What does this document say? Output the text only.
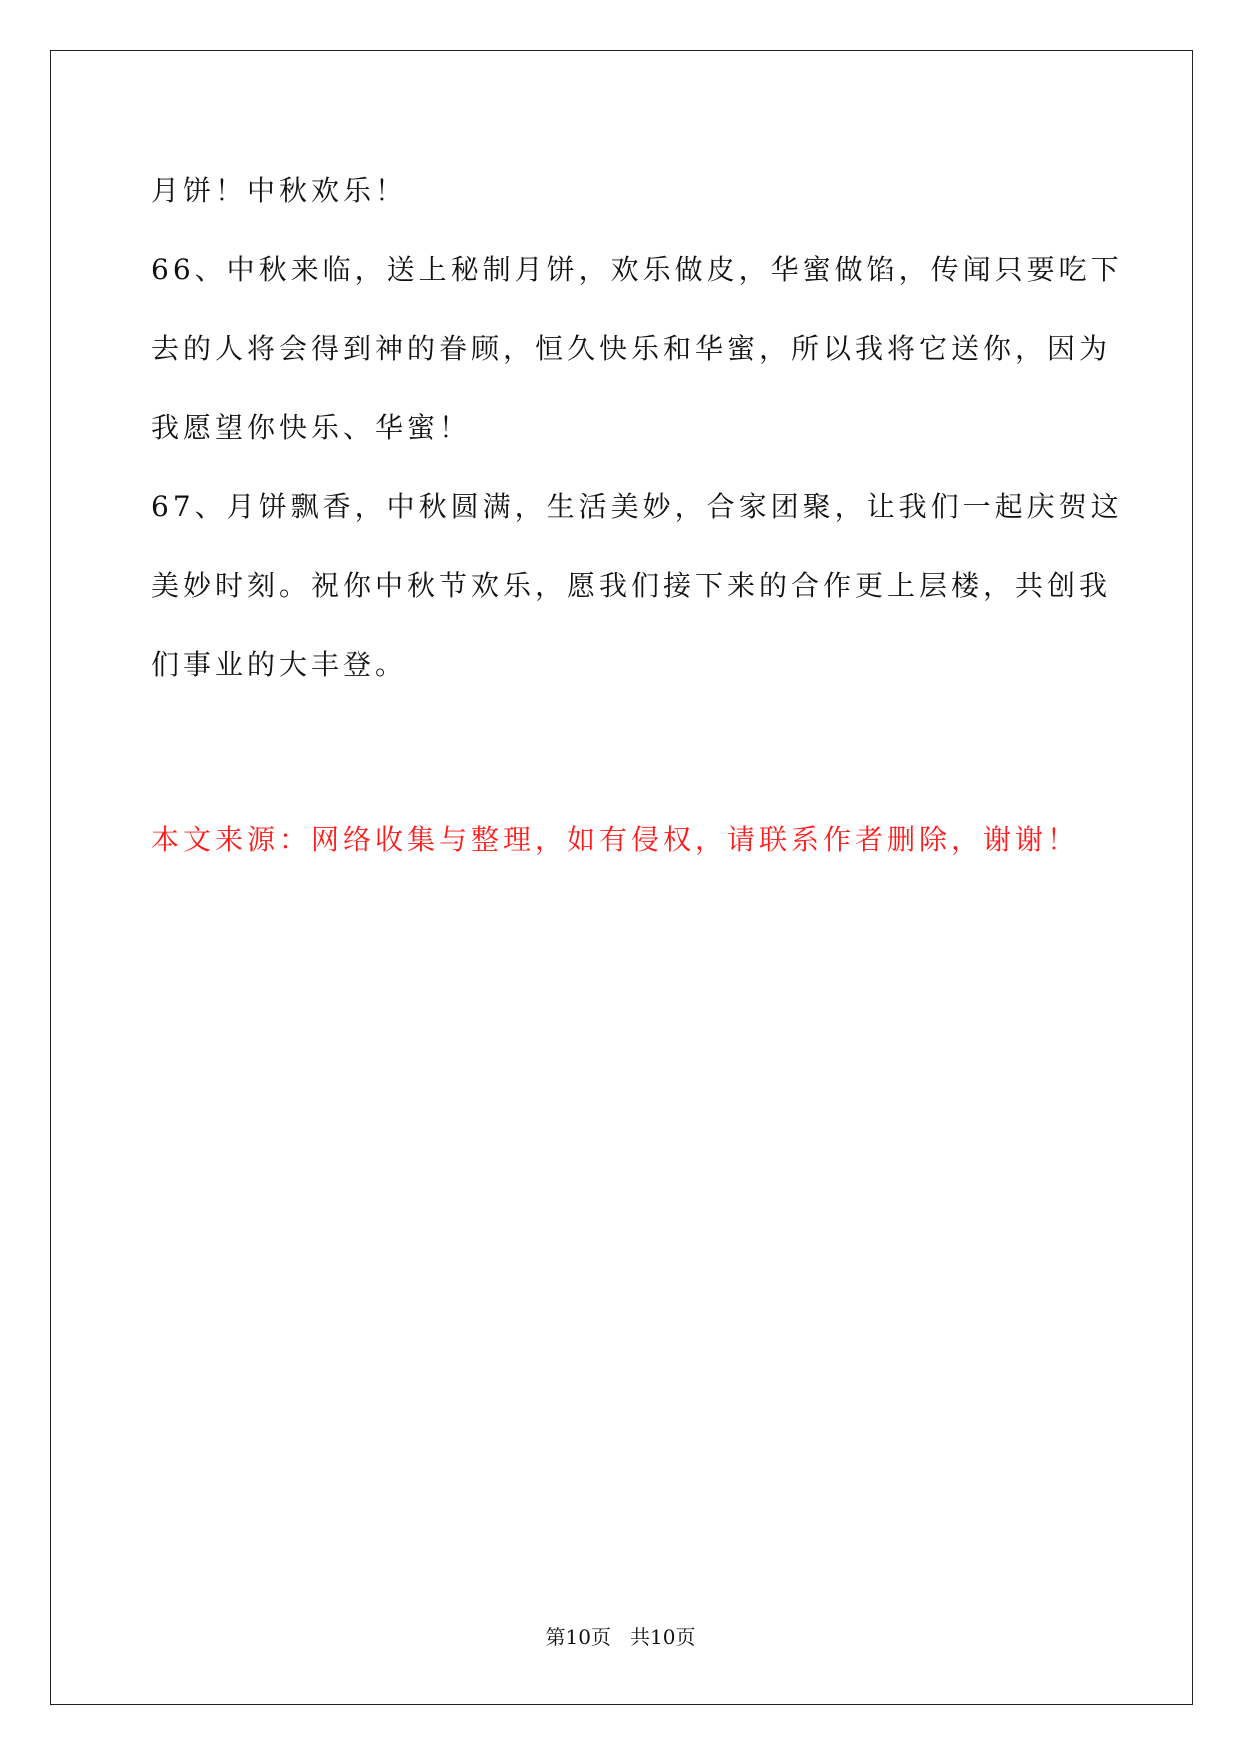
月饼！中秋欢乐！
66、中秋来临，送上秘制月饼，欢乐做皮，华蜜做馅，传闻只要吃下
去的人将会得到神的眷顾，恒久快乐和华蜜，所以我将它送你，因为
我愿望你快乐、华蜜！
67、月饼飘香，中秋圆满，生活美妙，合家团聚，让我们一起庆贺这
美妙时刻。祝你中秋节欢乐，愿我们接下来的合作更上层楼，共创我
们事业的大丰登。
本文来源：网络收集与整理，如有侵权，请联系作者删除，谢谢！
第10页   共10页
